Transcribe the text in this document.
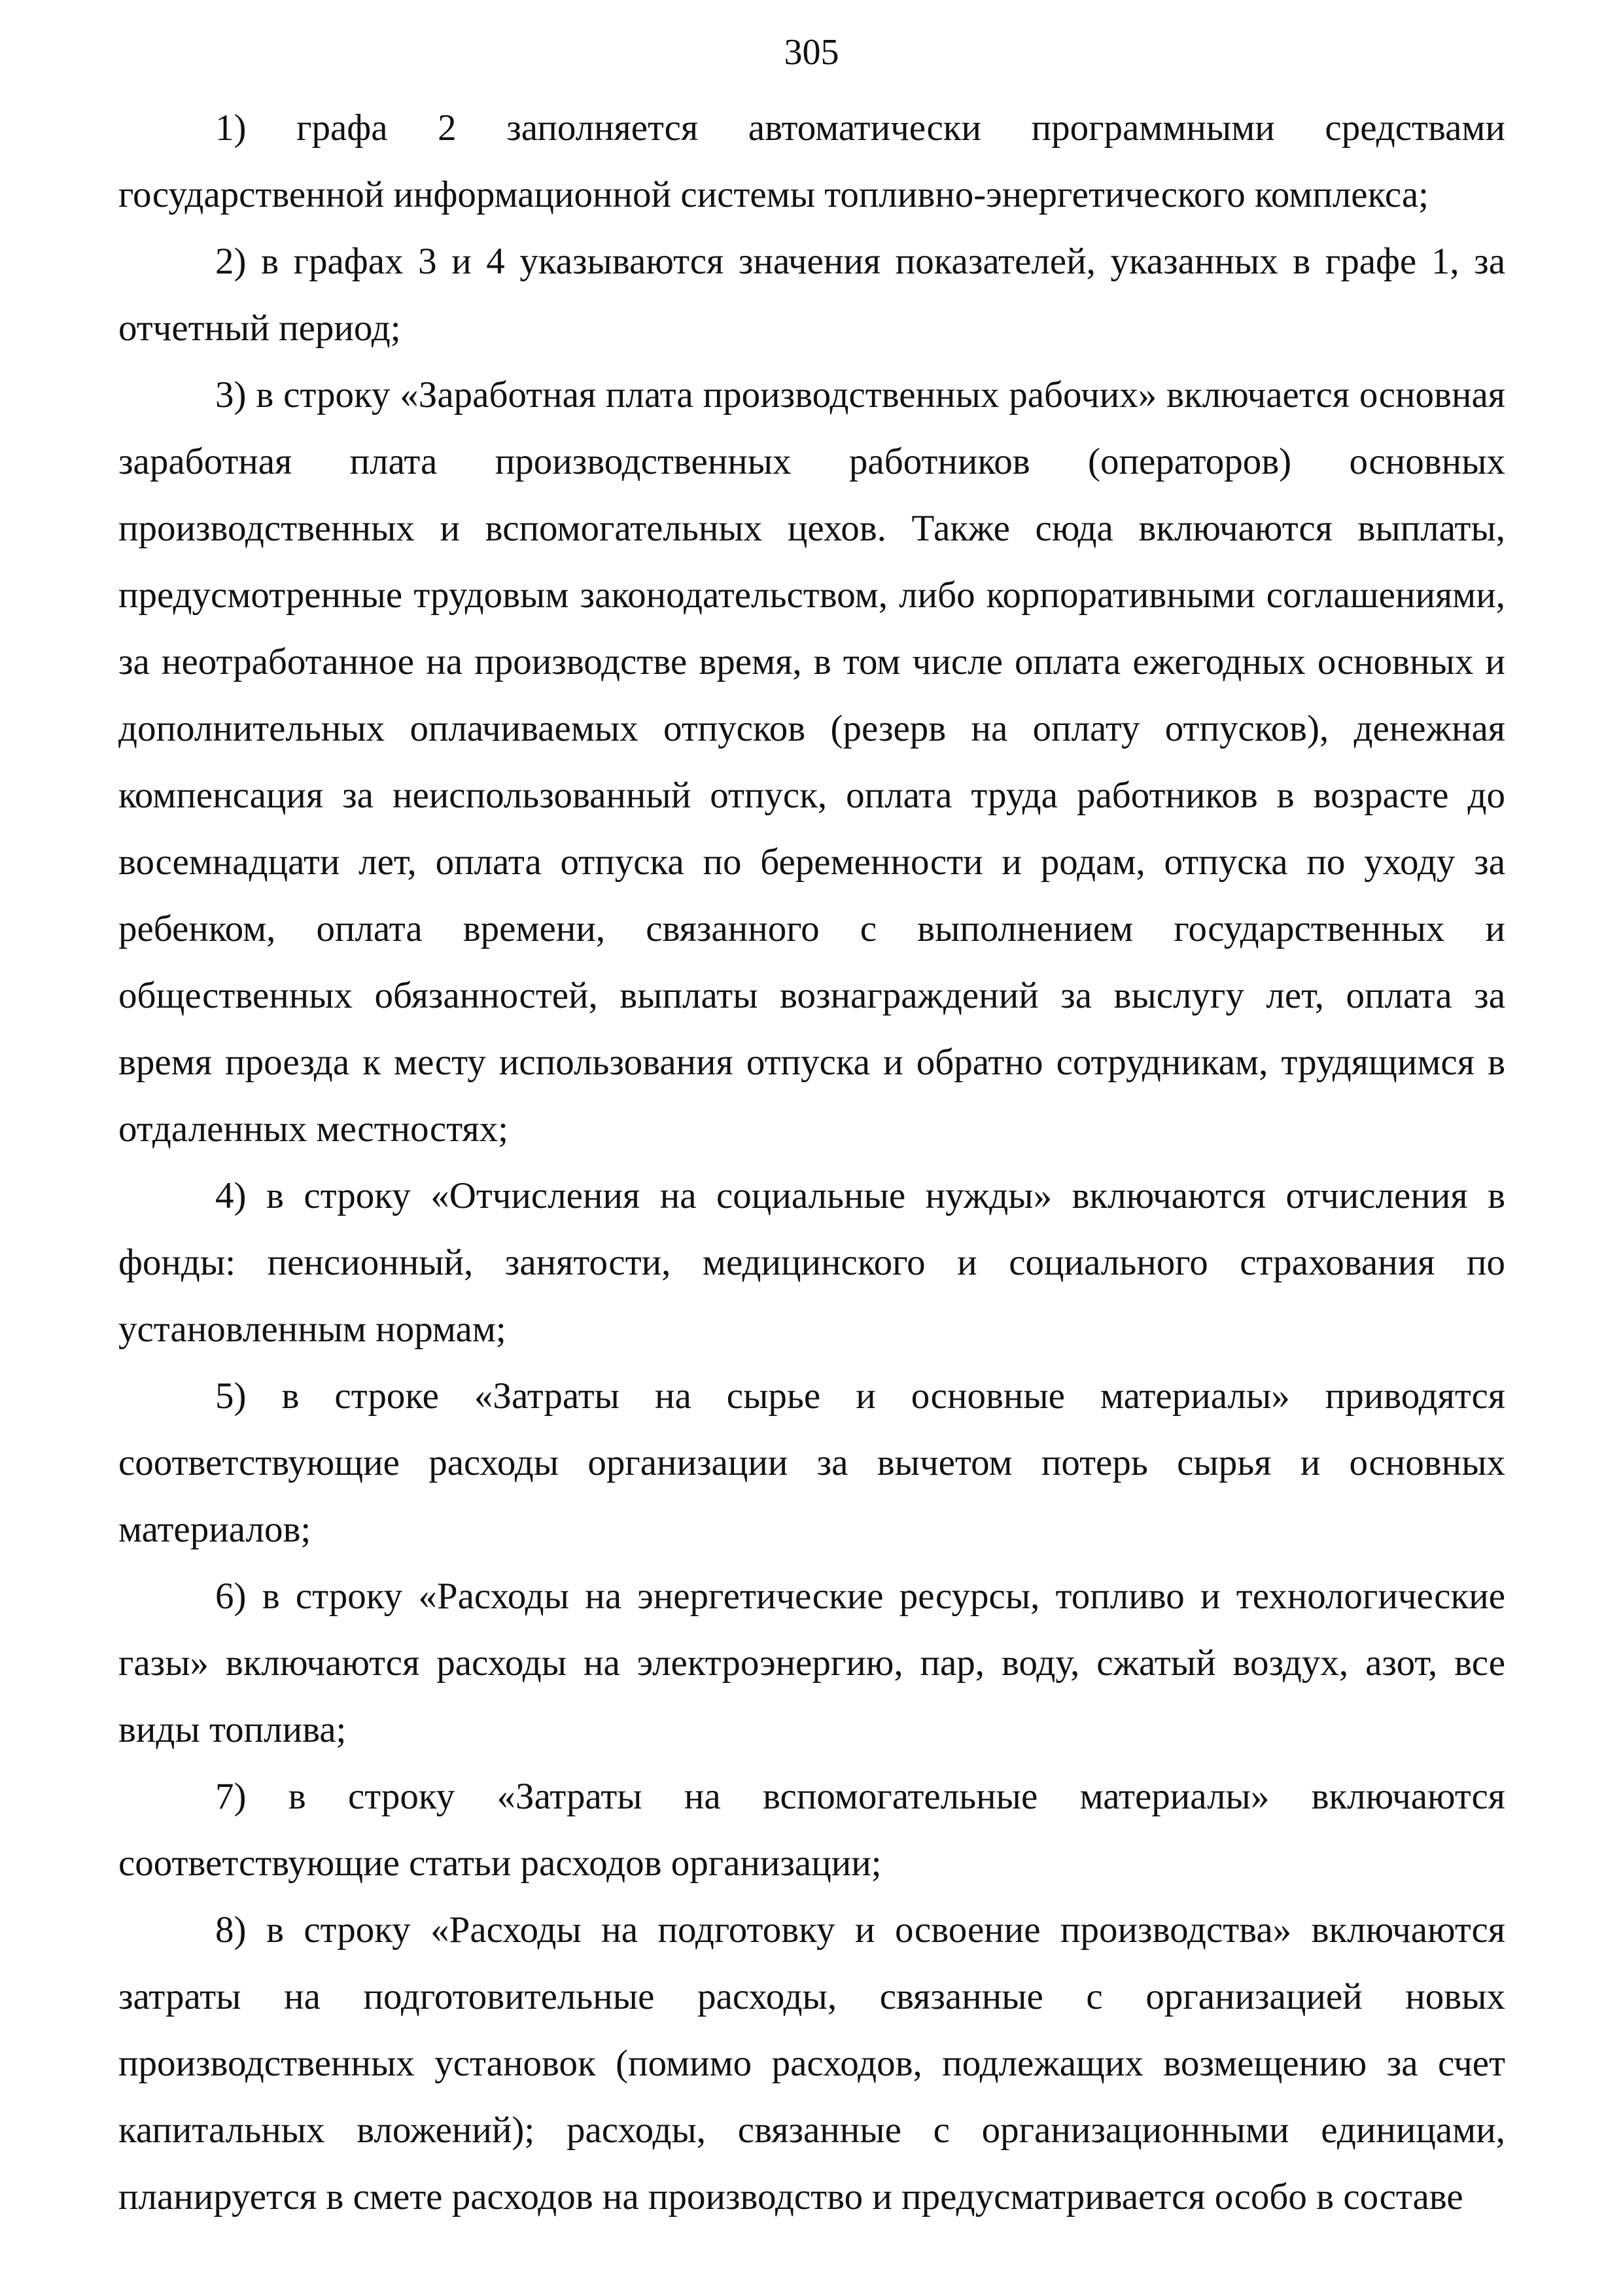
305

1) графа 2 заполняется автоматически программными средствами государственной информационной системы топливно-энергетического комплекса;

2) в графах 3 и 4 указываются значения показателей, указанных в графе 1, за отчетный период;

3) в строку «Заработная плата производственных рабочих» включается основная заработная плата производственных работников (операторов) основных производственных и вспомогательных цехов. Также сюда включаются выплаты, предусмотренные трудовым законодательством, либо корпоративными соглашениями, за неотработанное на производстве время, в том числе оплата ежегодных основных и дополнительных оплачиваемых отпусков (резерв на оплату отпусков), денежная компенсация за неиспользованный отпуск, оплата труда работников в возрасте до восемнадцати лет, оплата отпуска по беременности и родам, отпуска по уходу за ребенком, оплата времени, связанного с выполнением государственных и общественных обязанностей, выплаты вознаграждений за выслугу лет, оплата за время проезда к месту использования отпуска и обратно сотрудникам, трудящимся в отдаленных местностях;

4) в строку «Отчисления на социальные нужды» включаются отчисления в фонды: пенсионный, занятости, медицинского и социального страхования по установленным нормам;

5) в строке «Затраты на сырье и основные материалы» приводятся соответствующие расходы организации за вычетом потерь сырья и основных материалов;

6) в строку «Расходы на энергетические ресурсы, топливо и технологические газы» включаются расходы на электроэнергию, пар, воду, сжатый воздух, азот, все виды топлива;

7) в строку «Затраты на вспомогательные материалы» включаются соответствующие статьи расходов организации;

8) в строку «Расходы на подготовку и освоение производства» включаются затраты на подготовительные расходы, связанные с организацией новых производственных установок (помимо расходов, подлежащих возмещению за счет капитальных вложений); расходы, связанные с организационными единицами, планируется в смете расходов на производство и предусматривается особо в составе
